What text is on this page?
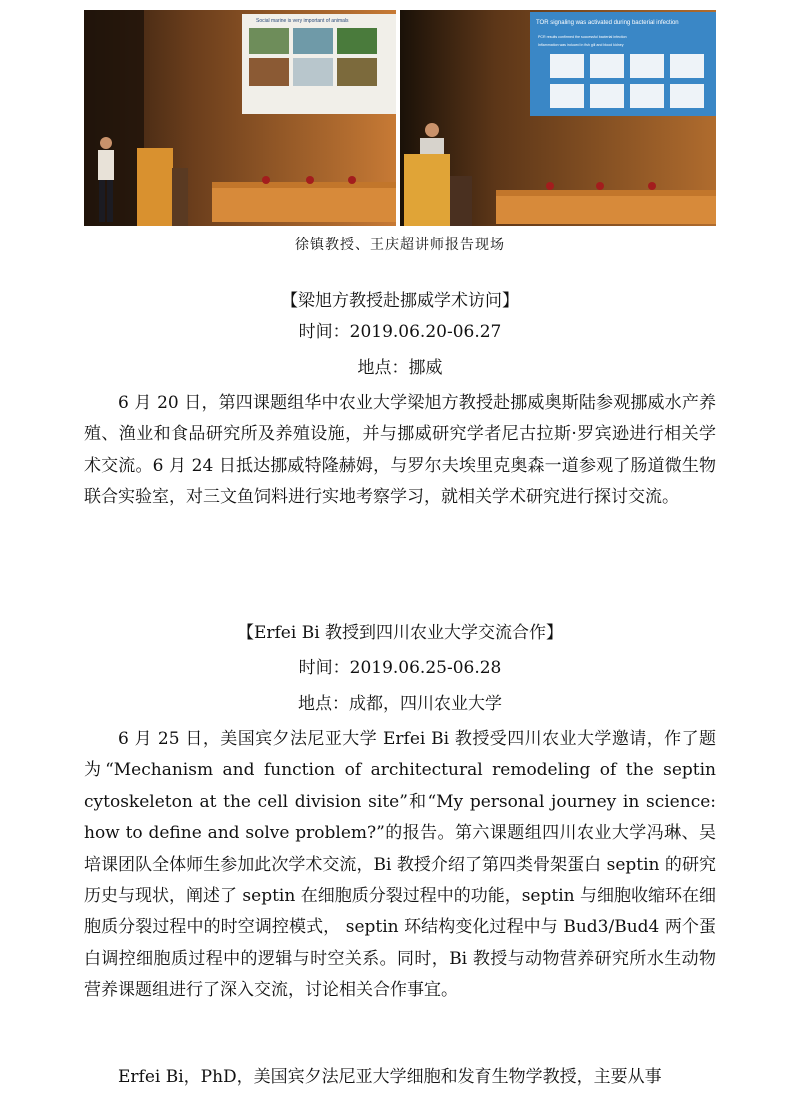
Social marine is very important of animals	TOR signaling was activated during bacterial infection
PCR results confirmed the successful bacterial infection
Inflammation was induced in fish gill and blood kidney
徐镇教授、王庆超讲师报告现场
【梁旭方教授赴挪威学术访问】
时间：2019.06.20-06.27
地点：挪威

6 月 20 日，第四课题组华中农业大学梁旭方教授赴挪威奥斯陆参观挪威水产养殖、渔业和食品研究所及养殖设施，并与挪威研究学者尼古拉斯·罗宾逊进行相关学术交流。6 月 24 日抵达挪威特隆赫姆，与罗尔夫埃里克奥森一道参观了肠道微生物联合实验室，对三文鱼饲料进行实地考察学习，就相关学术研究进行探讨交流。

【Erfei Bi 教授到四川农业大学交流合作】
时间：2019.06.25-06.28
地点：成都，四川农业大学

6 月 25 日，美国宾夕法尼亚大学 Erfei Bi 教授受四川农业大学邀请，作了题为“Mechanism and function of architectural remodeling of the septin cytoskeleton at the cell division site”和“My personal journey in science: how to define and solve problem?”的报告。第六课题组四川农业大学冯琳、吴培课团队全体师生参加此次学术交流，Bi 教授介绍了第四类骨架蛋白 septin 的研究历史与现状，阐述了 septin 在细胞质分裂过程中的功能，septin 与细胞收缩环在细胞质分裂过程中的时空调控模式， septin 环结构变化过程中与 Bud3/Bud4 两个蛋白调控细胞质过程中的逻辑与时空关系。同时，Bi 教授与动物营养研究所水生动物营养课题组进行了深入交流，讨论相关合作事宜。

Erfei Bi，PhD，美国宾夕法尼亚大学细胞和发育生物学教授，主要从事
